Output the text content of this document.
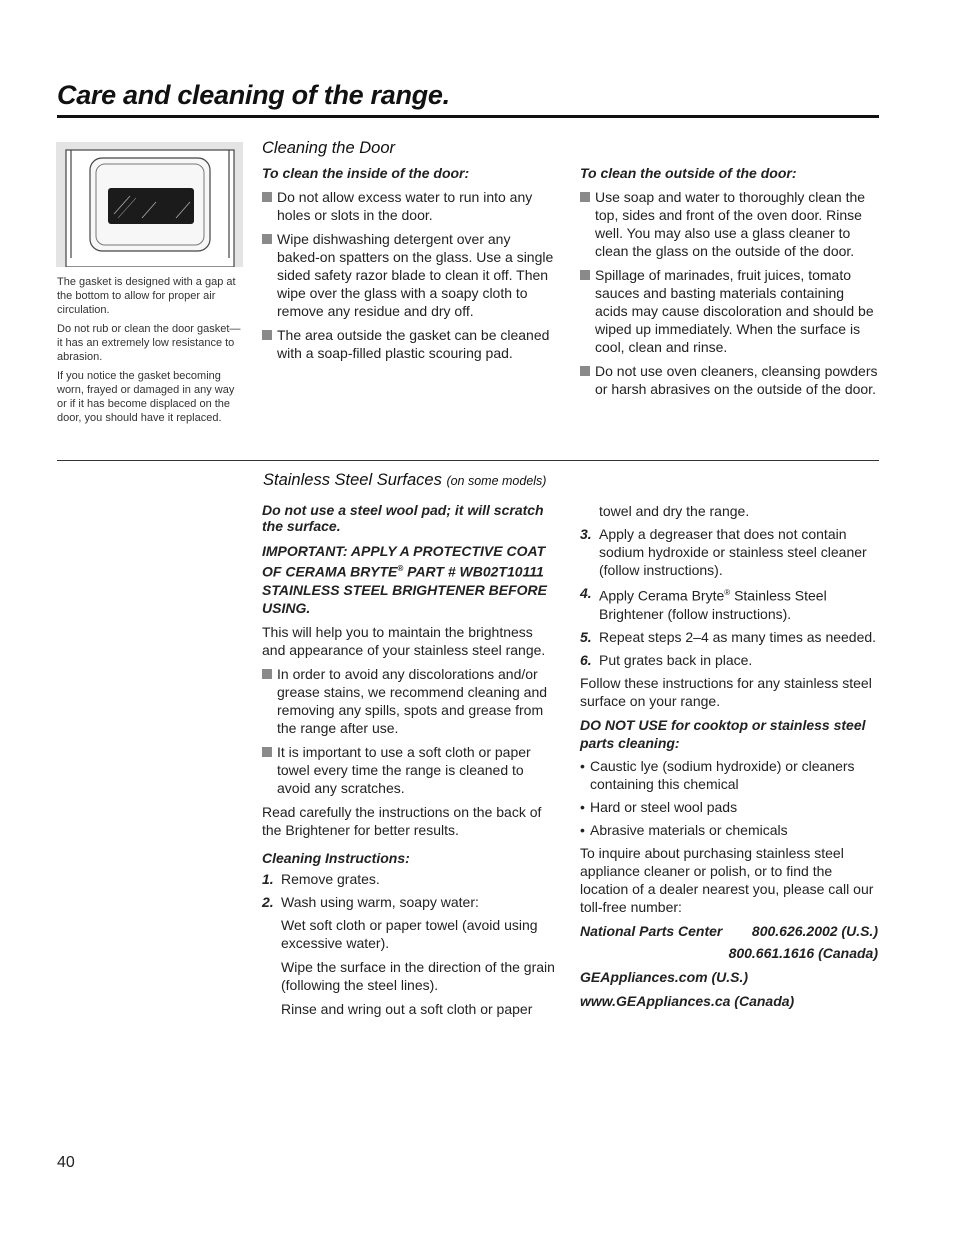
Care and cleaning of the range.
The gasket is designed with a gap at the bottom to allow for proper air circulation.
Do not rub or clean the door gasket—it has an extremely low resistance to abrasion.
If you notice the gasket becoming worn, frayed or damaged in any way or if it has become displaced on the door, you should have it replaced.
Cleaning the Door

To clean the inside of the door:

Do not allow excess water to run into any holes or slots in the door.
Wipe dishwashing detergent over any baked-on spatters on the glass. Use a single sided safety razor blade to clean it off. Then wipe over the glass with a soapy cloth to remove any residue and dry off.
The area outside the gasket can be cleaned with a soap-filled plastic scouring pad.

To clean the outside of the door:

Use soap and water to thoroughly clean the top, sides and front of the oven door. Rinse well. You may also use a glass cleaner to clean the glass on the outside of the door.
Spillage of marinades, fruit juices, tomato sauces and basting materials containing acids may cause discoloration and should be wiped up immediately. When the surface is cool, clean and rinse.
Do not use oven cleaners, cleansing powders or harsh abrasives on the outside of the door.
Stainless Steel Surfaces (on some models)

Do not use a steel wool pad; it will scratch the surface.

IMPORTANT: APPLY A PROTECTIVE COAT OF CERAMA BRYTE® PART # WB02T10111 STAINLESS STEEL BRIGHTENER BEFORE USING.

This will help you to maintain the brightness and appearance of your stainless steel range.

In order to avoid any discolorations and/or grease stains, we recommend cleaning and removing any spills, spots and grease from the range after use.
It is important to use a soft cloth or paper towel every time the range is cleaned to avoid any scratches.

Read carefully the instructions on the back of the Brightener for better results.

Cleaning Instructions:

1. Remove grates.
2. Wash using warm, soapy water:

Wet soft cloth or paper towel (avoid using excessive water).

Wipe the surface in the direction of the grain (following the steel lines).

Rinse and wring out a soft cloth or paper

towel and dry the range.

3. Apply a degreaser that does not contain sodium hydroxide or stainless steel cleaner (follow instructions).
4. Apply Cerama Bryte® Stainless Steel Brightener (follow instructions).
5. Repeat steps 2–4 as many times as needed.
6. Put grates back in place.

Follow these instructions for any stainless steel surface on your range.

DO NOT USE for cooktop or stainless steel parts cleaning:

• Caustic lye (sodium hydroxide) or cleaners containing this chemical
• Hard or steel wool pads
• Abrasive materials or chemicals

To inquire about purchasing stainless steel appliance cleaner or polish, or to find the location of a dealer nearest you, please call our toll-free number:

National Parts Center 800.626.2002 (U.S.)

800.661.1616 (Canada)

GEAppliances.com (U.S.)

www.GEAppliances.ca (Canada)

40
